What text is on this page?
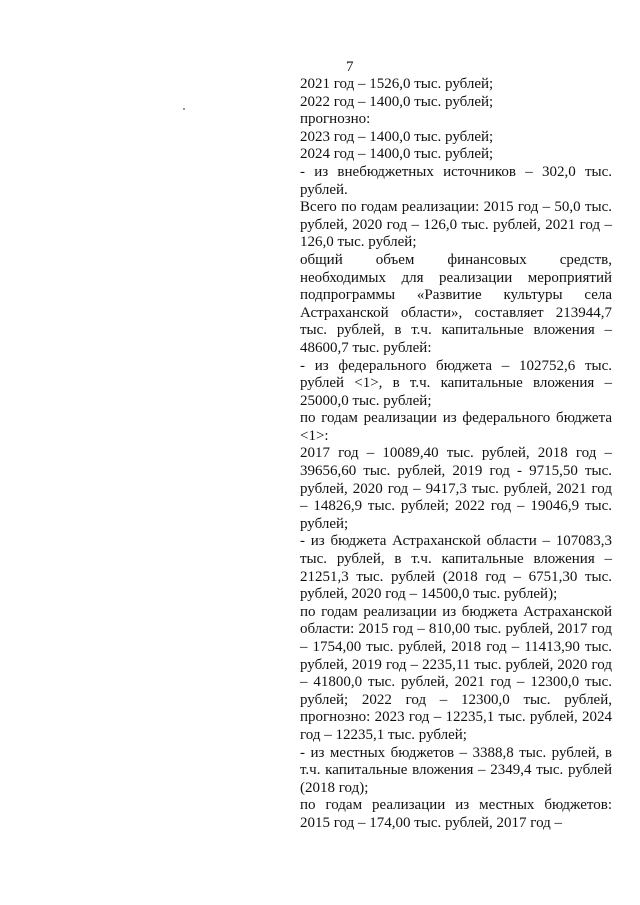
7

2021 год – 1526,0 тыс. рублей;

2022 год – 1400,0 тыс. рублей;

прогнозно:

2023 год – 1400,0 тыс. рублей;

2024 год – 1400,0 тыс. рублей;

- из внебюджетных источников – 302,0 тыс. рублей.

Всего по годам реализации: 2015 год – 50,0 тыс. рублей, 2020 год – 126,0 тыс. рублей, 2021 год – 126,0 тыс. рублей;

общий объем финансовых средств, необходимых для реализации мероприятий подпрограммы «Развитие культуры села Астраханской области», составляет 213944,7 тыс. рублей, в т.ч. капитальные вложения – 48600,7 тыс. рублей:

- из федерального бюджета – 102752,6 тыс. рублей <1>, в т.ч. капитальные вложения – 25000,0 тыс. рублей;

по годам реализации из федерального бюджета <1>:

2017 год – 10089,40 тыс. рублей, 2018 год – 39656,60 тыс. рублей, 2019 год - 9715,50 тыс. рублей, 2020 год – 9417,3 тыс. рублей, 2021 год – 14826,9 тыс. рублей; 2022 год – 19046,9 тыс. рублей;

- из бюджета Астраханской области – 107083,3 тыс. рублей, в т.ч. капитальные вложения – 21251,3 тыс. рублей (2018 год – 6751,30 тыс. рублей, 2020 год – 14500,0 тыс. рублей);

по годам реализации из бюджета Астраханской области: 2015 год – 810,00 тыс. рублей, 2017 год – 1754,00 тыс. рублей, 2018 год – 11413,90 тыс. рублей, 2019 год – 2235,11 тыс. рублей, 2020 год – 41800,0 тыс. рублей, 2021 год – 12300,0 тыс. рублей; 2022 год – 12300,0 тыс. рублей, прогнозно: 2023 год – 12235,1 тыс. рублей, 2024 год – 12235,1 тыс. рублей;

- из местных бюджетов – 3388,8 тыс. рублей, в т.ч. капитальные вложения – 2349,4 тыс. рублей (2018 год);

по годам реализации из местных бюджетов: 2015 год – 174,00 тыс. рублей, 2017 год –
